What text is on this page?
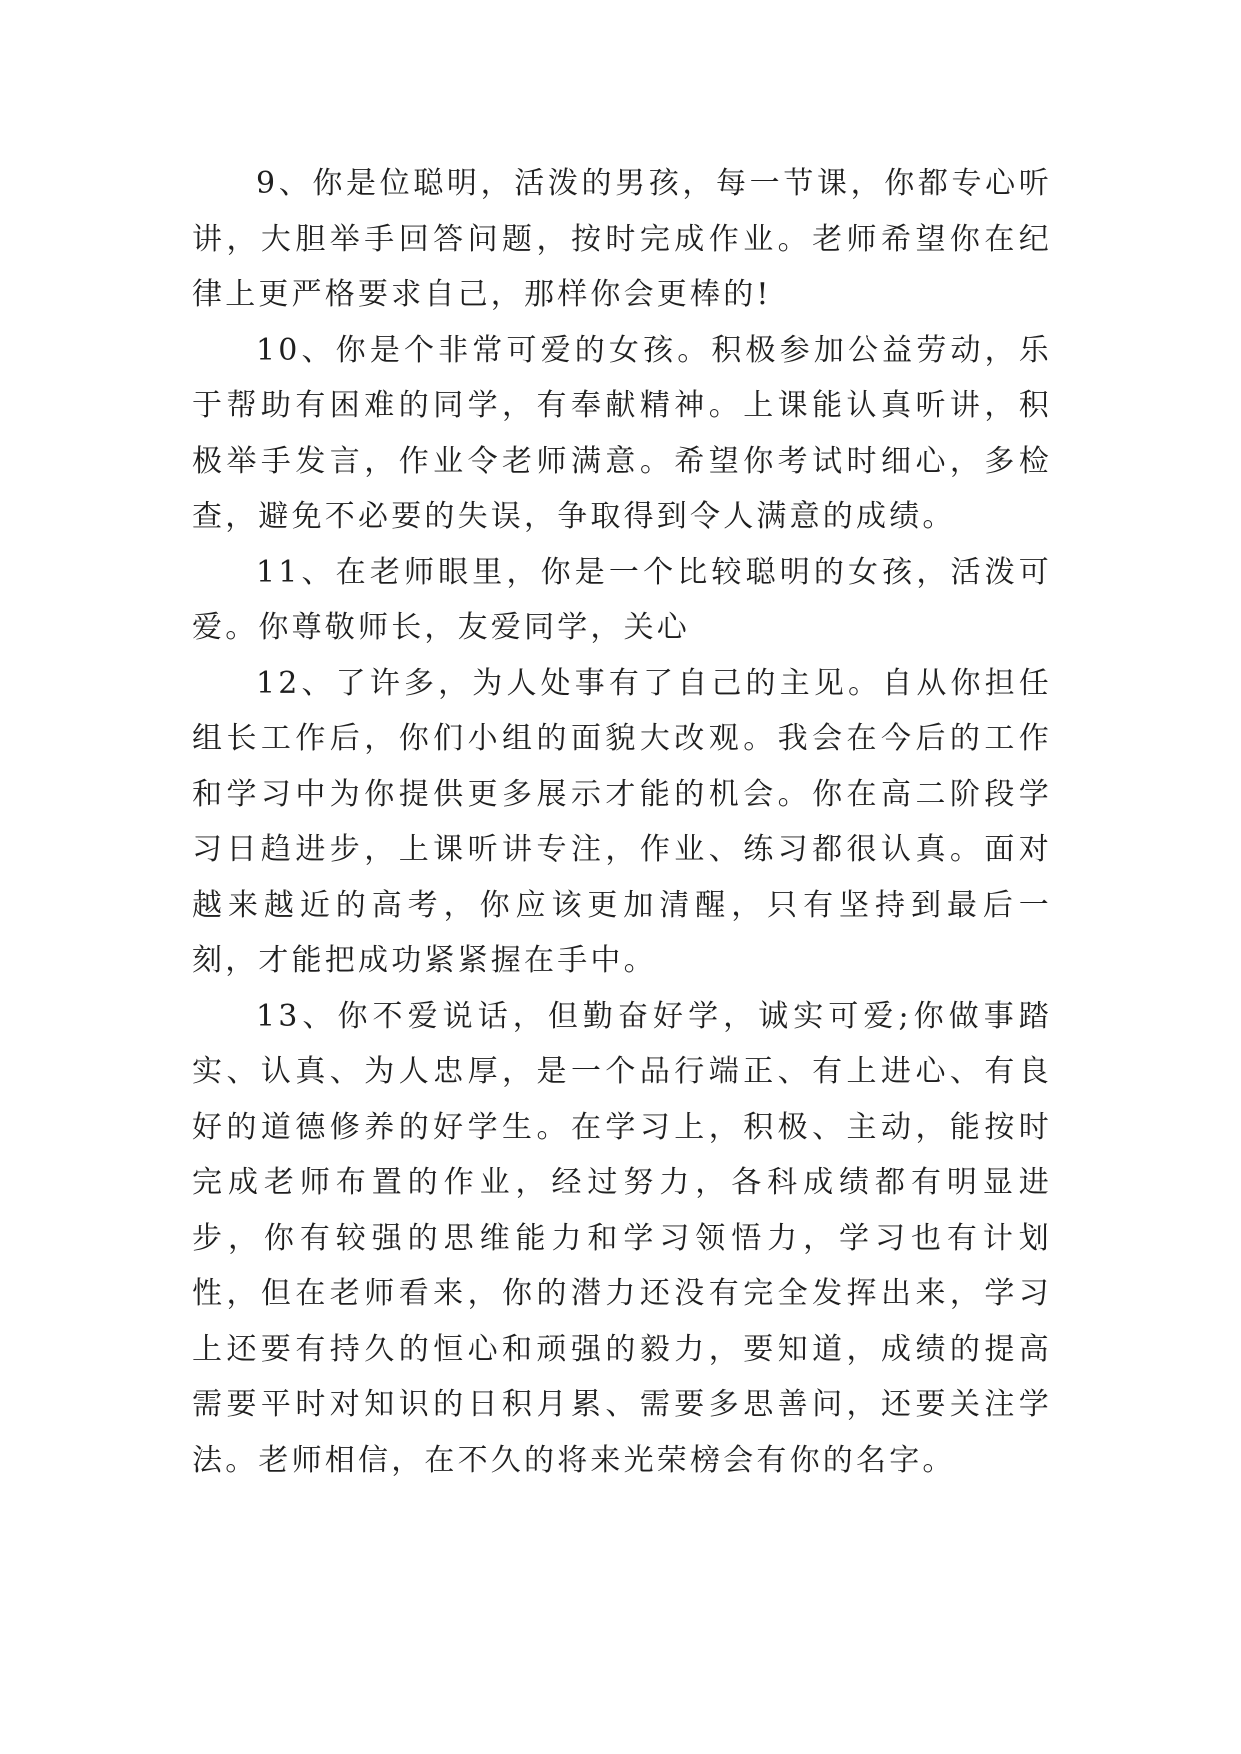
9、你是位聪明，活泼的男孩，每一节课，你都专心听讲，大胆举手回答问题，按时完成作业。老师希望你在纪律上更严格要求自己，那样你会更棒的!

10、你是个非常可爱的女孩。积极参加公益劳动，乐于帮助有困难的同学，有奉献精神。上课能认真听讲，积极举手发言，作业令老师满意。希望你考试时细心，多检查，避免不必要的失误，争取得到令人满意的成绩。

11、在老师眼里，你是一个比较聪明的女孩，活泼可爱。你尊敬师长，友爱同学，关心

12、了许多，为人处事有了自己的主见。自从你担任组长工作后，你们小组的面貌大改观。我会在今后的工作和学习中为你提供更多展示才能的机会。你在高二阶段学习日趋进步，上课听讲专注，作业、练习都很认真。面对越来越近的高考，你应该更加清醒，只有坚持到最后一刻，才能把成功紧紧握在手中。

13、你不爱说话，但勤奋好学，诚实可爱;你做事踏实、认真、为人忠厚，是一个品行端正、有上进心、有良好的道德修养的好学生。在学习上，积极、主动，能按时完成老师布置的作业，经过努力，各科成绩都有明显进步，你有较强的思维能力和学习领悟力，学习也有计划性，但在老师看来，你的潜力还没有完全发挥出来，学习上还要有持久的恒心和顽强的毅力，要知道，成绩的提高需要平时对知识的日积月累、需要多思善问，还要关注学法。老师相信，在不久的将来光荣榜会有你的名字。
